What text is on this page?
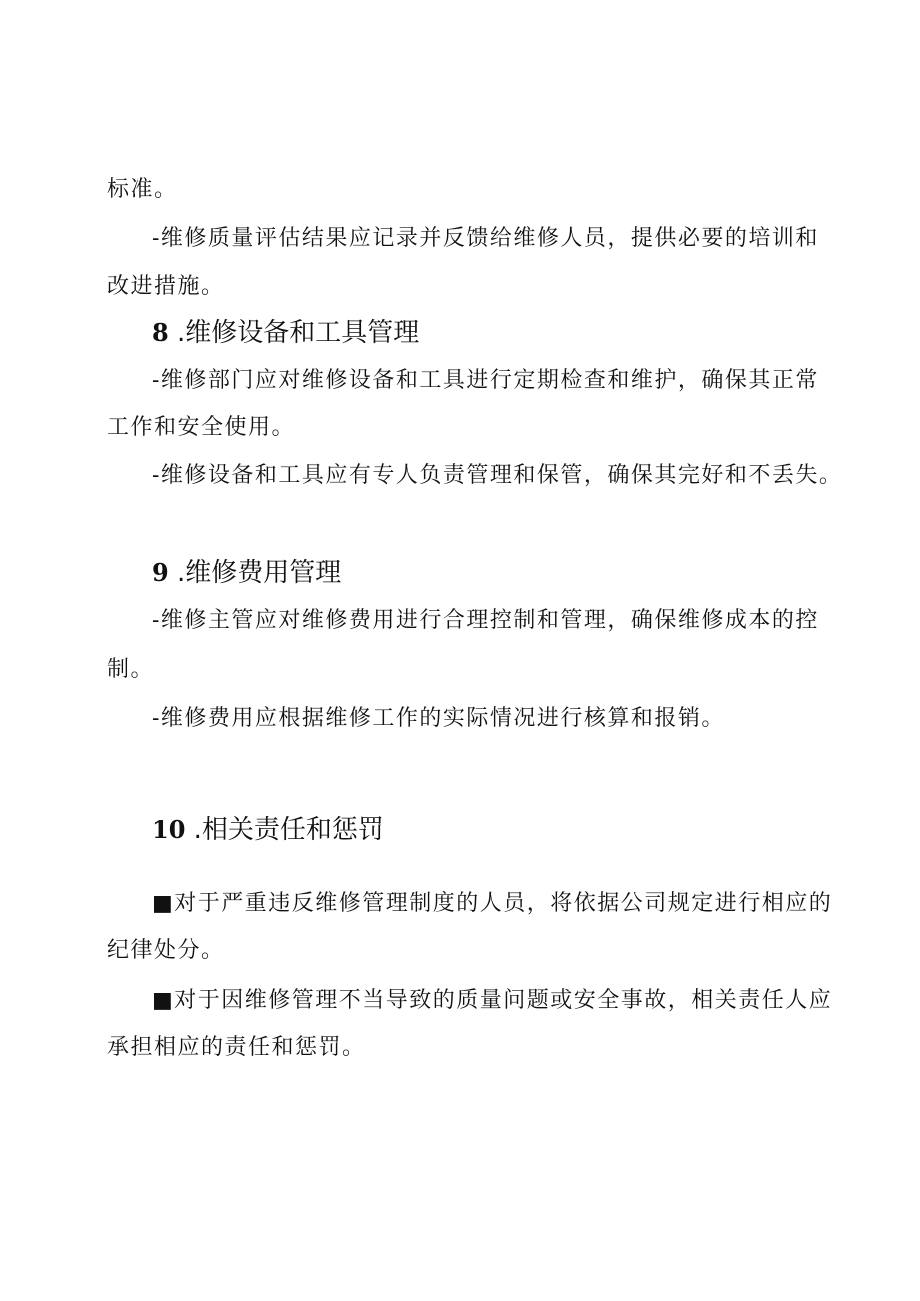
标准。

-维修质量评估结果应记录并反馈给维修人员，提供必要的培训和

改进措施。

8 .维修设备和工具管理

-维修部门应对维修设备和工具进行定期检查和维护，确保其正常

工作和安全使用。

-维修设备和工具应有专人负责管理和保管，确保其完好和不丢失。

9 .维修费用管理

-维修主管应对维修费用进行合理控制和管理，确保维修成本的控

制。

-维修费用应根据维修工作的实际情况进行核算和报销。

10 .相关责任和惩罚

■对于严重违反维修管理制度的人员，将依据公司规定进行相应的

纪律处分。

■对于因维修管理不当导致的质量问题或安全事故，相关责任人应

承担相应的责任和惩罚。
